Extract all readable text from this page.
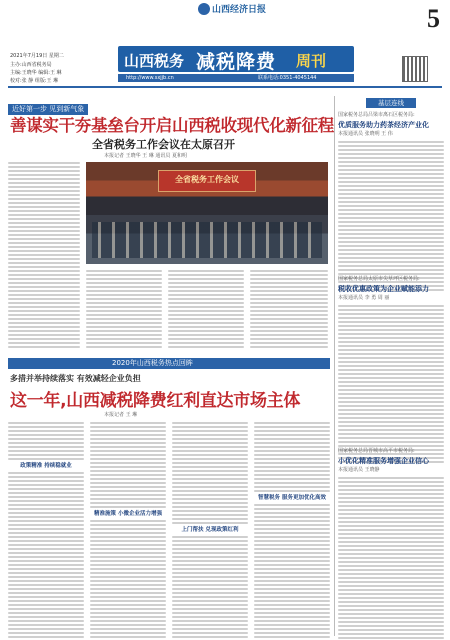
山西经济日报	5
2021年7月19日 星期二
主办:山西省税务局
主编:王晓华 编辑:王 琳
校对:张 静 组版:王 琳
山西税务 减税降费 周刊
http://www.sxjjb.cn	联系电话:0351-4045144
近好第一步 见到新气象
善谋实干夯基垒台开启山西税收现代化新征程
全省税务工作会议在太原召开
本报记者 王晓华 王 琳 通讯员 夏和明
全省税务工作会议
2020年山西税务热点回眸
多措并举持续落实 有效减轻企业负担
这一年,山西减税降费红利直达市场主体
本报记者 王 琳
政策精准 持续稳就业
精准施策 小微企业活力增强
上门帮扶 兑现政策红利
智慧税务 服务更加优化高效
基层连线
国家税务总局吕梁市离石区税务局:
优质服务助力药茶经济产业化
本报通讯员 张晓明 王 伟
国家税务总局太原市尖草坪区税务局:
税收优惠政策为企业赋能添力
本报通讯员 李 勇 周 丽
国家税务总局晋城市高平市税务局:
小优化精准服务增强企业信心
本报通讯员 王晓静
